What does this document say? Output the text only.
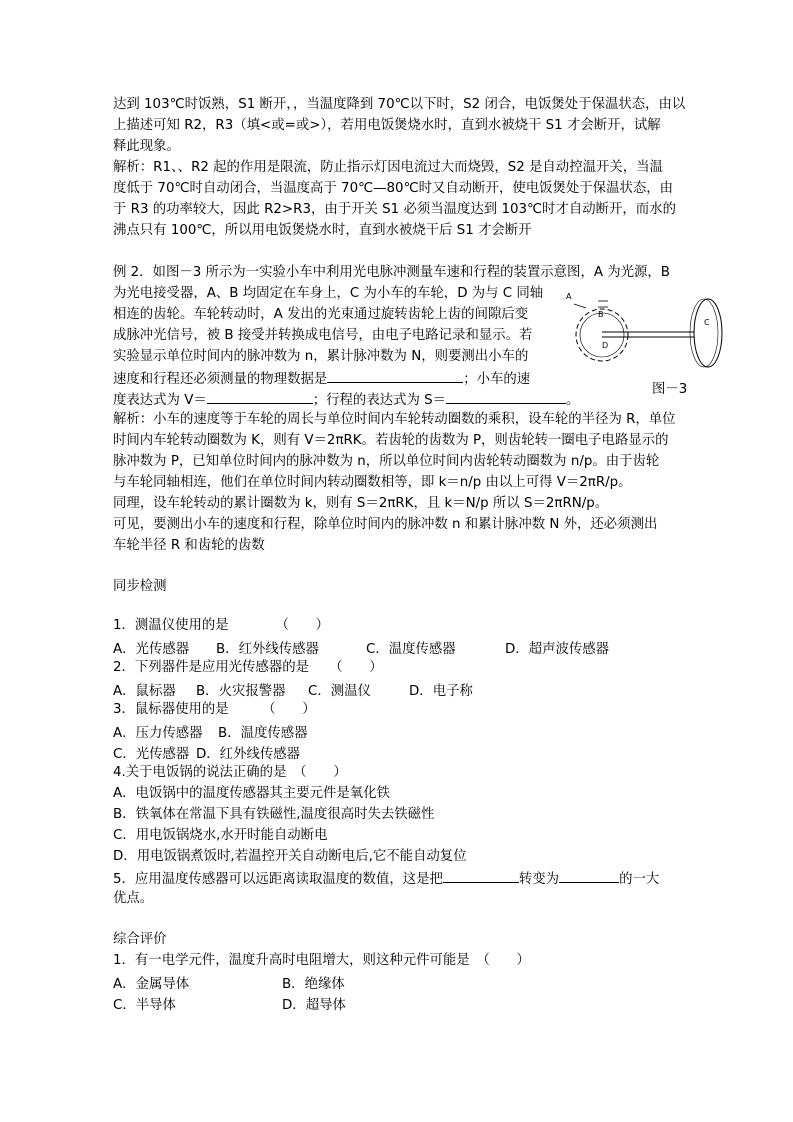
达到 103℃时饭熟，S1 断开，，当温度降到 70℃以下时，S2 闭合，电饭煲处于保温状态，由以
上描述可知 R2，R3（填<或=或>），若用电饭煲烧水时，直到水被烧干 S1 才会断开，试解
释此现象。
解析：R1、、R2 起的作用是限流，防止指示灯因电流过大而烧毁，S2 是自动控温开关，当温
度低于 70℃时自动闭合，当温度高于 70℃—80℃时又自动断开，使电饭煲处于保温状态，由
于 R3 的功率较大，因此 R2>R3，由于开关 S1 必须当温度达到 103℃时才自动断开，而水的
沸点只有 100℃，所以用电饭煲烧水时，直到水被烧干后 S1 才会断开
例 2．如图－3 所示为一实验小车中利用光电脉冲测量车速和行程的装置示意图，A 为光源，B
为光电接受器，A、B 均固定在车身上，C 为小车的车轮，D 为与 C 同轴
相连的齿轮。车轮转动时，A 发出的光束通过旋转齿轮上齿的间隙后变
成脉冲光信号，被 B 接受并转换成电信号，由电子电路记录和显示。若
实验显示单位时间内的脉冲数为 n，累计脉冲数为 N，则要测出小车的
速度和行程还必须测量的物理数据是	；小车的速
度表达式为 V＝	；行程的表达式为 S＝	。
A
B
D
C
图－3
解析：小车的速度等于车轮的周长与单位时间内车轮转动圈数的乘积，设车轮的半径为 R，单位
时间内车轮转动圈数为 K，则有 V＝2πRK。若齿轮的齿数为 P，则齿轮转一圈电子电路显示的
脉冲数为 P，已知单位时间内的脉冲数为 n，所以单位时间内齿轮转动圈数为 n/p。由于齿轮
与车轮同轴相连，他们在单位时间内转动圈数相等，即 k＝n/p 由以上可得 V＝2πR/p。
同理，设车轮转动的累计圈数为 k，则有 S＝2πRK，且 k＝N/p 所以 S＝2πRN/p。
可见，要测出小车的速度和行程，除单位时间内的脉冲数 n 和累计脉冲数 N 外，还必须测出
车轮半径 R 和齿轮的齿数
同步检测
1．测温仪使用的是　　　　（　　）
A．光传感器 B．红外线传感器	C．温度传感器	D．超声波传感器
2．下列器件是应用光传感器的是　　（　　）
A．鼠标器 B．火灾报警器 C．测温仪	D．电子称
3．鼠标器使用的是　　　（　　）
A．压力传感器 B．温度传感器
C．光传感器 D．红外线传感器
4.关于电饭锅的说法正确的是　（　　）
A．电饭锅中的温度传感器其主要元件是氧化铁
B．铁氧体在常温下具有铁磁性,温度很高时失去铁磁性
C．用电饭锅烧水,水开时能自动断电
D．用电饭锅煮饭时,若温控开关自动断电后,它不能自动复位
5．应用温度传感器可以远距离读取温度的数值，这是把	转变为	的一大
优点。
综合评价
1．有一电学元件，温度升高时电阻增大，则这种元件可能是　（　　）
A．金属导体	B．绝缘体
C．半导体	D．超导体
